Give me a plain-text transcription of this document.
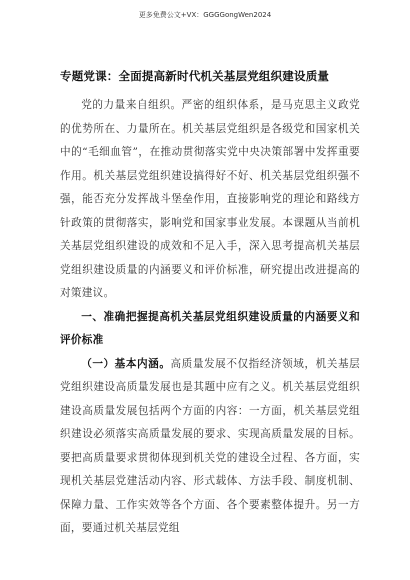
更多免费公文+VX：GGGGongWen2024
专题党课：全面提高新时代机关基层党组织建设质量

党的力量来自组织。严密的组织体系，是马克思主义政党的优势所在、力量所在。机关基层党组织是各级党和国家机关中的“毛细血管”，在推动贯彻落实党中央决策部署中发挥重要作用。机关基层党组织建设搞得好不好、机关基层党组织强不强，能否充分发挥战斗堡垒作用，直接影响党的理论和路线方针政策的贯彻落实，影响党和国家事业发展。本课题从当前机关基层党组织建设的成效和不足入手，深入思考提高机关基层党组织建设质量的内涵要义和评价标准，研究提出改进提高的对策建议。

一、准确把握提高机关基层党组织建设质量的内涵要义和评价标准

（一）基本内涵。高质量发展不仅指经济领域，机关基层党组织建设高质量发展也是其题中应有之义。机关基层党组织建设高质量发展包括两个方面的内容：一方面，机关基层党组织建设必须落实高质量发展的要求、实现高质量发展的目标。要把高质量要求贯彻体现到机关党的建设全过程、各方面，实现机关基层党建活动内容、形式载体、方法手段、制度机制、保障力量、工作实效等各个方面、各个要素整体提升。另一方面，要通过机关基层党组
